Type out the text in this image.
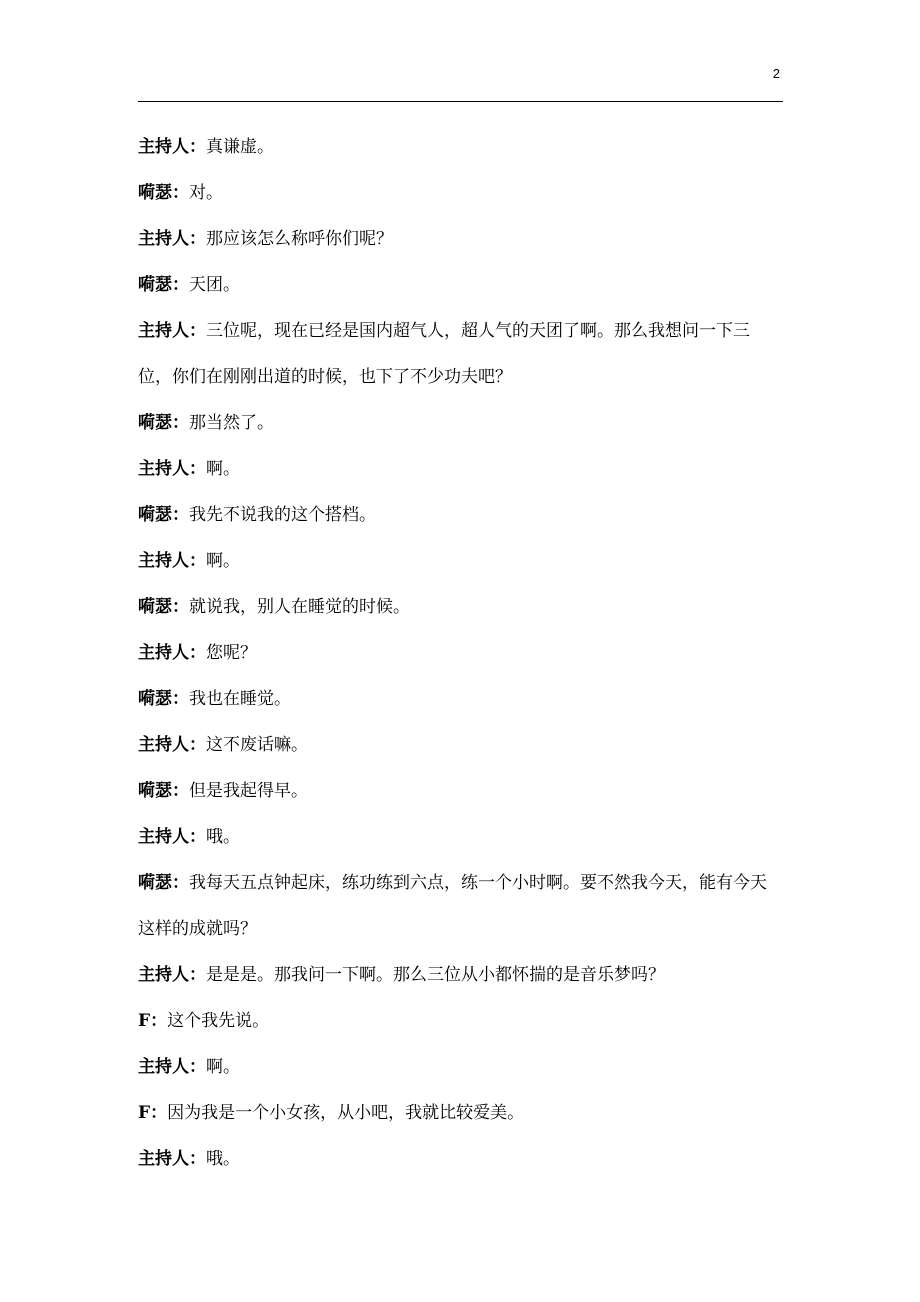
2

主持人：真谦虚。

嗬瑟：对。

主持人：那应该怎么称呼你们呢？

嗬瑟：天团。

主持人：三位呢，现在已经是国内超气人，超人气的天团了啊。那么我想问一下三位，你们在刚刚出道的时候，也下了不少功夫吧？

嗬瑟：那当然了。

主持人：啊。

嗬瑟：我先不说我的这个搭档。

主持人：啊。

嗬瑟：就说我，别人在睡觉的时候。

主持人：您呢？

嗬瑟：我也在睡觉。

主持人：这不废话嘛。

嗬瑟：但是我起得早。

主持人：哦。

嗬瑟：我每天五点钟起床，练功练到六点，练一个小时啊。要不然我今天，能有今天这样的成就吗？

主持人：是是是。那我问一下啊。那么三位从小都怀揣的是音乐梦吗？

F：这个我先说。

主持人：啊。

F：因为我是一个小女孩，从小吧，我就比较爱美。

主持人：哦。
